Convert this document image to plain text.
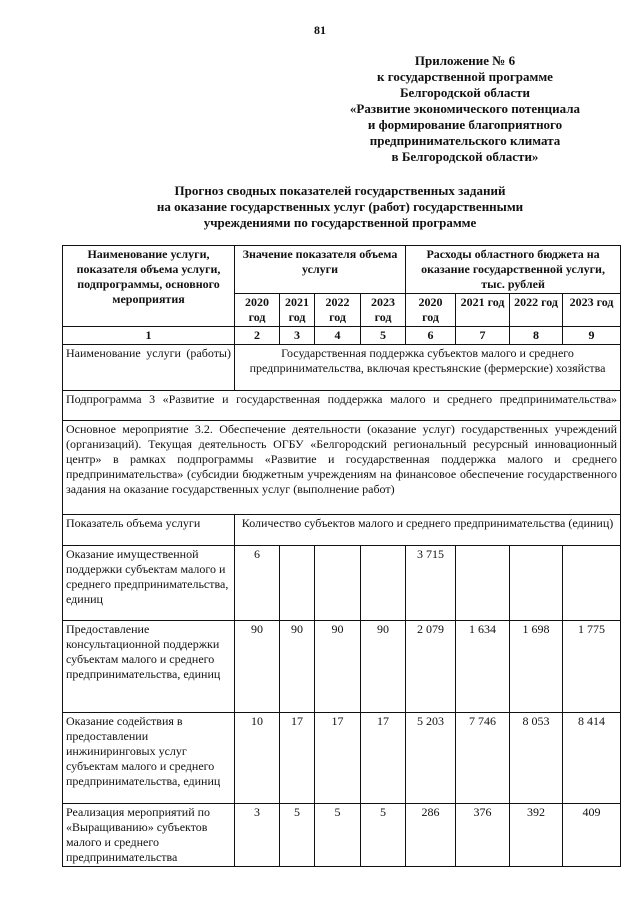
81
Приложение № 6
к государственной программе
Белгородской области
«Развитие экономического потенциала
и формирование благоприятного
предпринимательского климата
в Белгородской области»
Прогноз сводных показателей государственных заданий
на оказание государственных услуг (работ) государственными
учреждениями по государственной программе
Наименование услуги, показателя объема услуги, подпрограммы, основного мероприятия	Значение показателя объема услуги				Расходы областного бюджета на оказание государственной услуги, тыс. рублей			
	2020 год	2021 год	2022 год	2023 год	2020 год	2021 год	2022 год	2023 год
1	2	3	4	5	6	7	8	9
Наименование услуги (работы)	Государственная поддержка субъектов малого и среднего предпринимательства, включая крестьянские (фермерские) хозяйства							
Подпрограмма 3 «Развитие и государственная поддержка малого и среднего предпринимательства»								
Основное мероприятие 3.2. Обеспечение деятельности (оказание услуг) государственных учреждений (организаций). Текущая деятельность ОГБУ «Белгородский региональный ресурсный инновационный центр» в рамках подпрограммы «Развитие и государственная поддержка малого и среднего предпринимательства» (субсидии бюджетным учреждениям на финансовое обеспечение государственного задания на оказание государственных услуг (выполнение работ)								
Показатель объема услуги	Количество субъектов малого и среднего предпринимательства (единиц)							
Оказание имущественной поддержки субъектам малого и среднего предпринимательства, единиц	6				3 715			
Предоставление консультационной поддержки субъектам малого и среднего предпринимательства, единиц	90	90	90	90	2 079	1 634	1 698	1 775
Оказание содействия в предоставлении инжиниринговых услуг субъектам малого и среднего предпринимательства, единиц	10	17	17	17	5 203	7 746	8 053	8 414
Реализация мероприятий по «Выращиванию» субъектов малого и среднего предпринимательства	3	5	5	5	286	376	392	409
